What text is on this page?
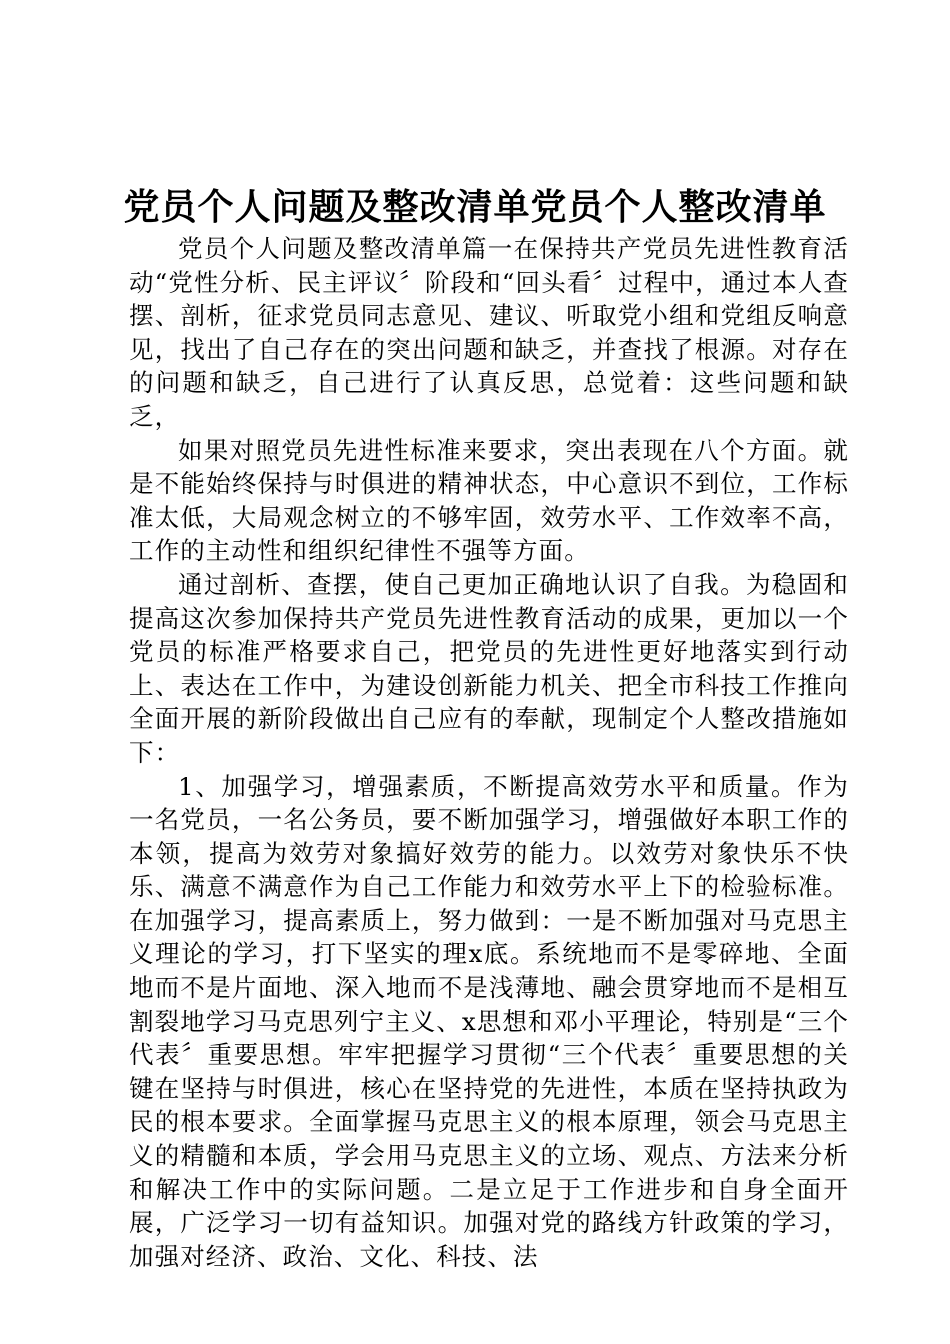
党员个人问题及整改清单党员个人整改清单

党员个人问题及整改清单篇一在保持共产党员先进性教育活动“党性分析、民主评议〞阶段和“回头看〞过程中，通过本人查摆、剖析，征求党员同志意见、建议、听取党小组和党组反响意见，找出了自己存在的突出问题和缺乏，并查找了根源。对存在的问题和缺乏，自己进行了认真反思，总觉着：这些问题和缺乏，

如果对照党员先进性标准来要求，突出表现在八个方面。就是不能始终保持与时俱进的精神状态，中心意识不到位，工作标准太低，大局观念树立的不够牢固，效劳水平、工作效率不高，工作的主动性和组织纪律性不强等方面。

通过剖析、查摆，使自己更加正确地认识了自我。为稳固和提高这次参加保持共产党员先进性教育活动的成果，更加以一个党员的标准严格要求自己，把党员的先进性更好地落实到行动上、表达在工作中，为建设创新能力机关、把全市科技工作推向全面开展的新阶段做出自己应有的奉献，现制定个人整改措施如下：

1、加强学习，增强素质，不断提高效劳水平和质量。作为一名党员，一名公务员，要不断加强学习，增强做好本职工作的本领，提高为效劳对象搞好效劳的能力。以效劳对象快乐不快乐、满意不满意作为自己工作能力和效劳水平上下的检验标准。在加强学习，提高素质上，努力做到：一是不断加强对马克思主义理论的学习，打下坚实的理x底。系统地而不是零碎地、全面地而不是片面地、深入地而不是浅薄地、融会贯穿地而不是相互割裂地学习马克思列宁主义、x思想和邓小平理论，特别是“三个代表〞重要思想。牢牢把握学习贯彻“三个代表〞重要思想的关键在坚持与时俱进，核心在坚持党的先进性，本质在坚持执政为民的根本要求。全面掌握马克思主义的根本原理，领会马克思主义的精髓和本质，学会用马克思主义的立场、观点、方法来分析和解决工作中的实际问题。二是立足于工作进步和自身全面开展，广泛学习一切有益知识。加强对党的路线方针政策的学习，加强对经济、政治、文化、科技、法
